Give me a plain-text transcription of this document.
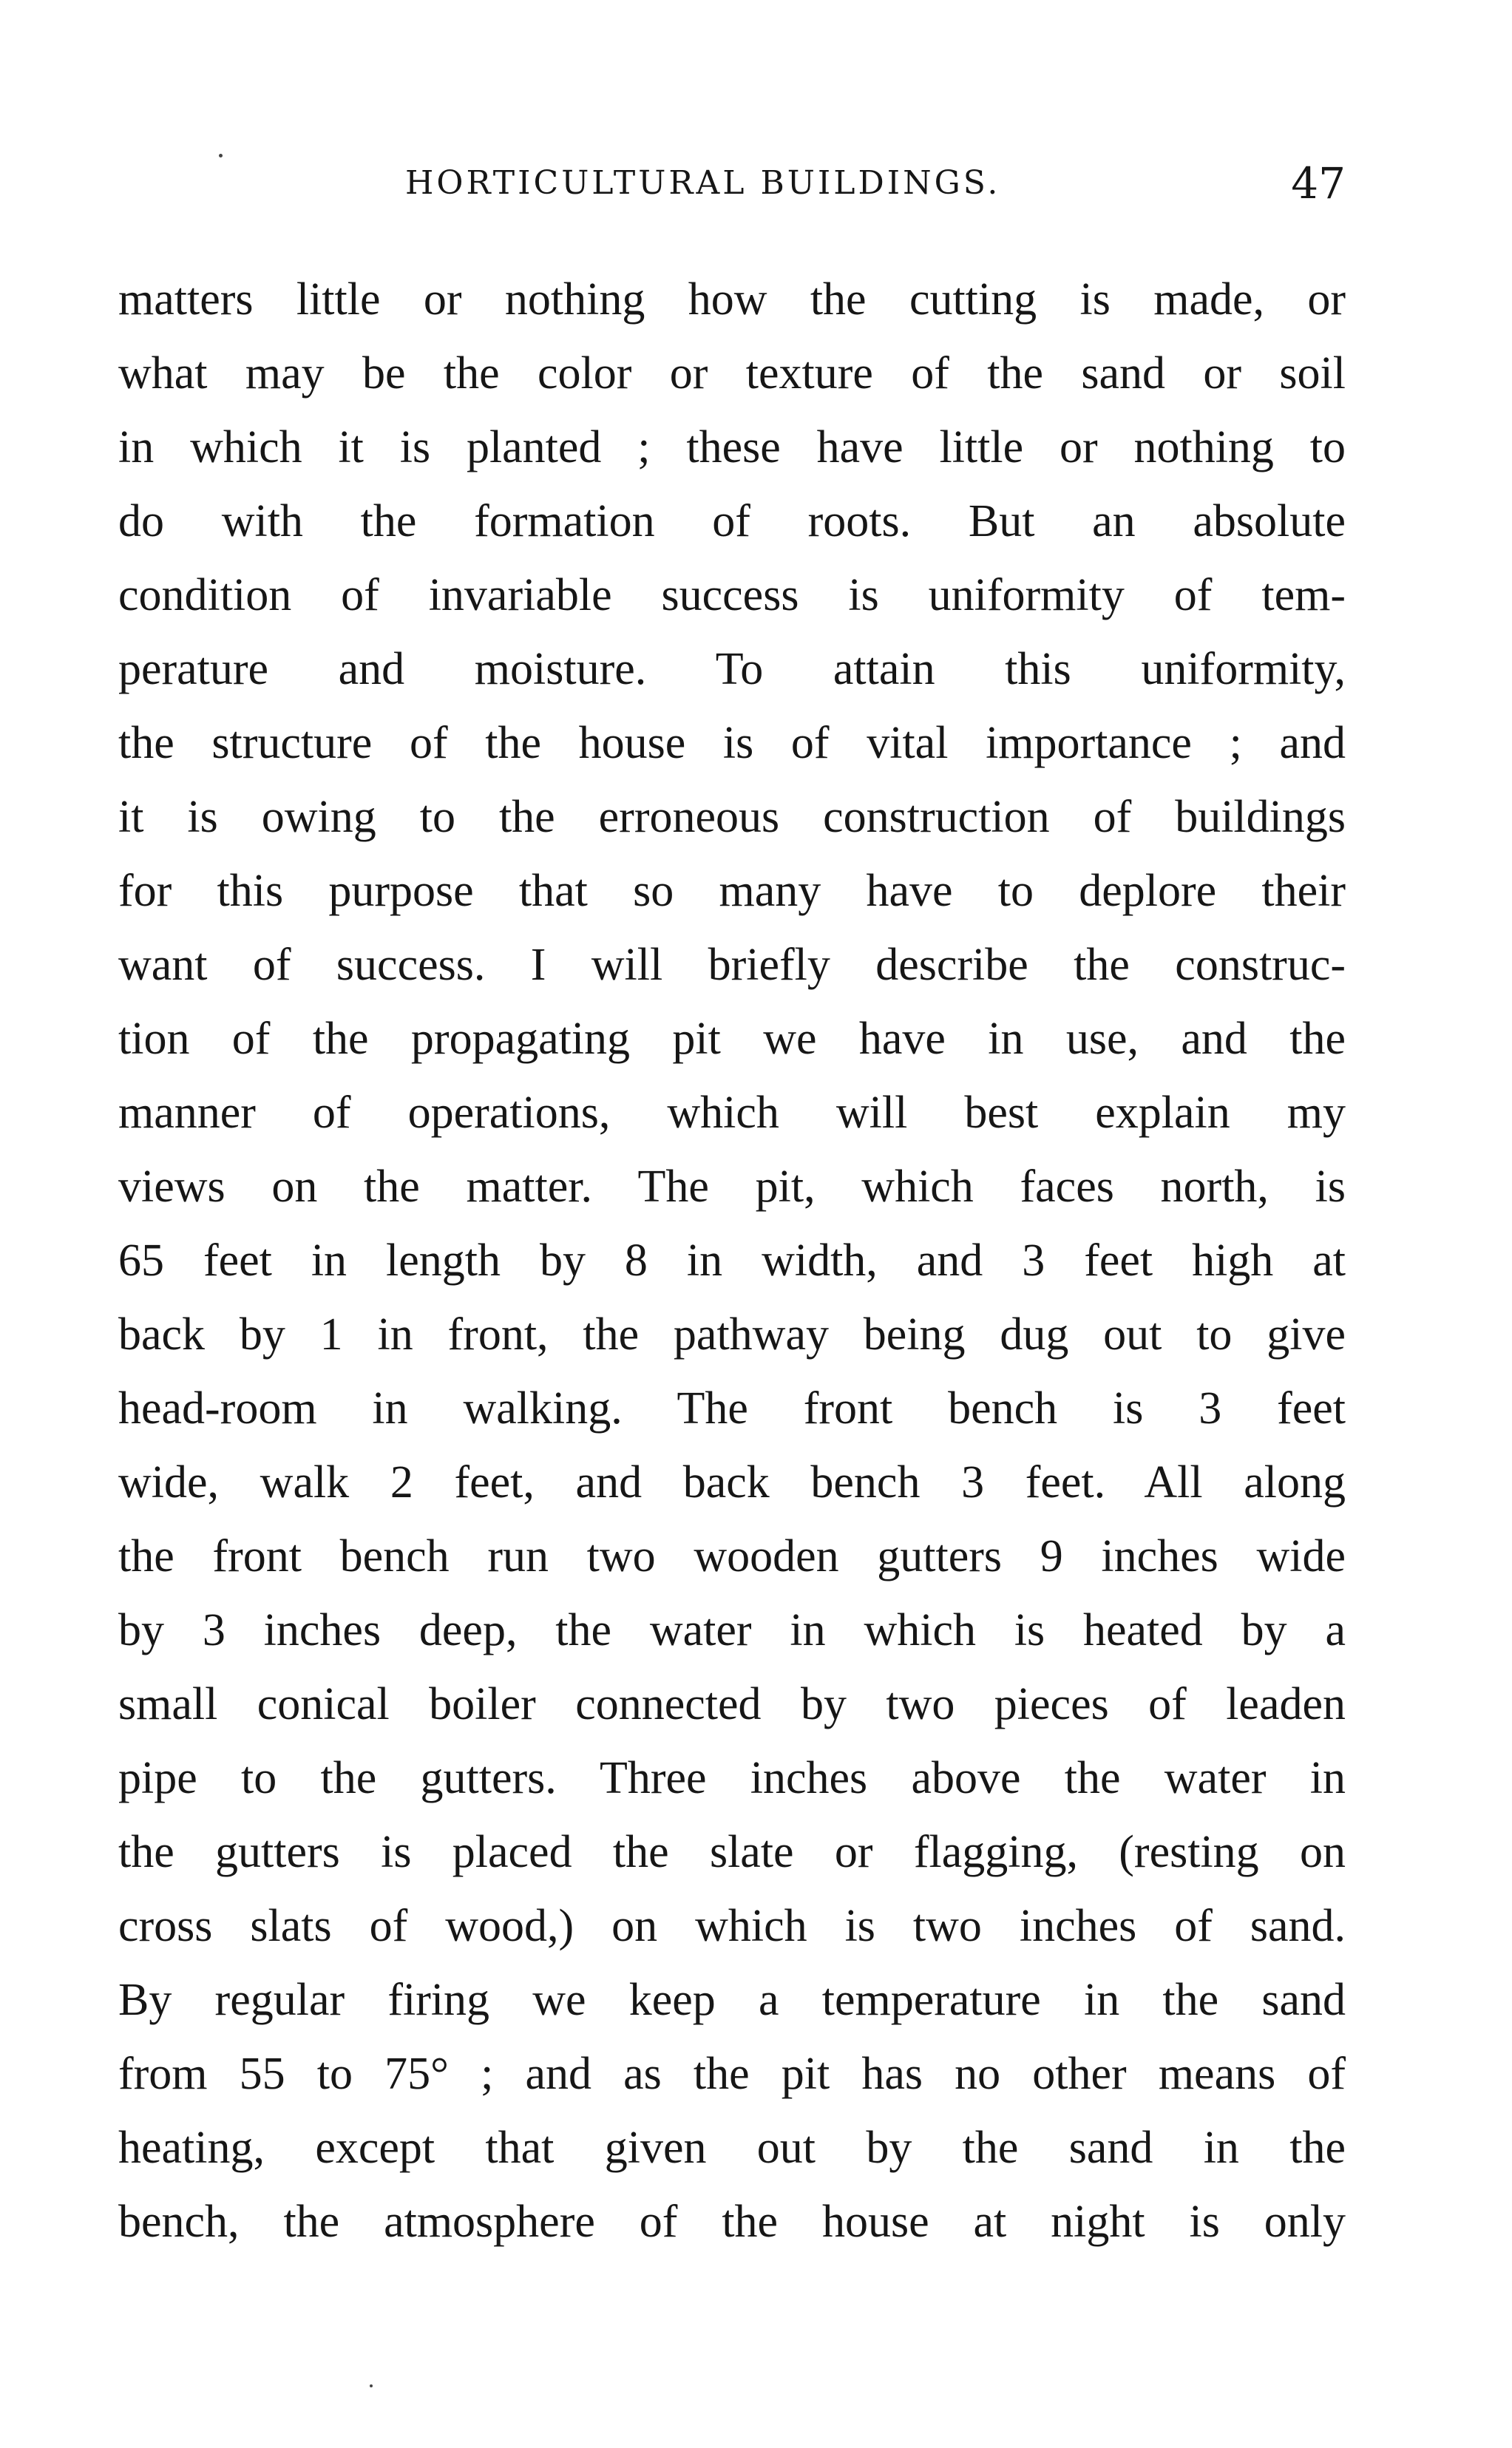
HORTICULTURAL BUILDINGS.	47
matters little or nothing how the cutting is made, or
what may be the color or texture of the sand or soil
in which it is planted ; these have little or nothing to
do with the formation of roots. But an absolute
condition of invariable success is uniformity of tem-
perature and moisture. To attain this uniformity,
the structure of the house is of vital importance ; and
it is owing to the erroneous construction of buildings
for this purpose that so many have to deplore their
want of success. I will briefly describe the construc-
tion of the propagating pit we have in use, and the
manner of operations, which will best explain my
views on the matter. The pit, which faces north, is
65 feet in length by 8 in width, and 3 feet high at
back by 1 in front, the pathway being dug out to give
head-room in walking. The front bench is 3 feet
wide, walk 2 feet, and back bench 3 feet. All along
the front bench run two wooden gutters 9 inches wide
by 3 inches deep, the water in which is heated by a
small conical boiler connected by two pieces of leaden
pipe to the gutters. Three inches above the water in
the gutters is placed the slate or flagging, (resting on
cross slats of wood,) on which is two inches of sand.
By regular firing we keep a temperature in the sand
from 55 to 75° ; and as the pit has no other means of
heating, except that given out by the sand in the
bench, the atmosphere of the house at night is only
